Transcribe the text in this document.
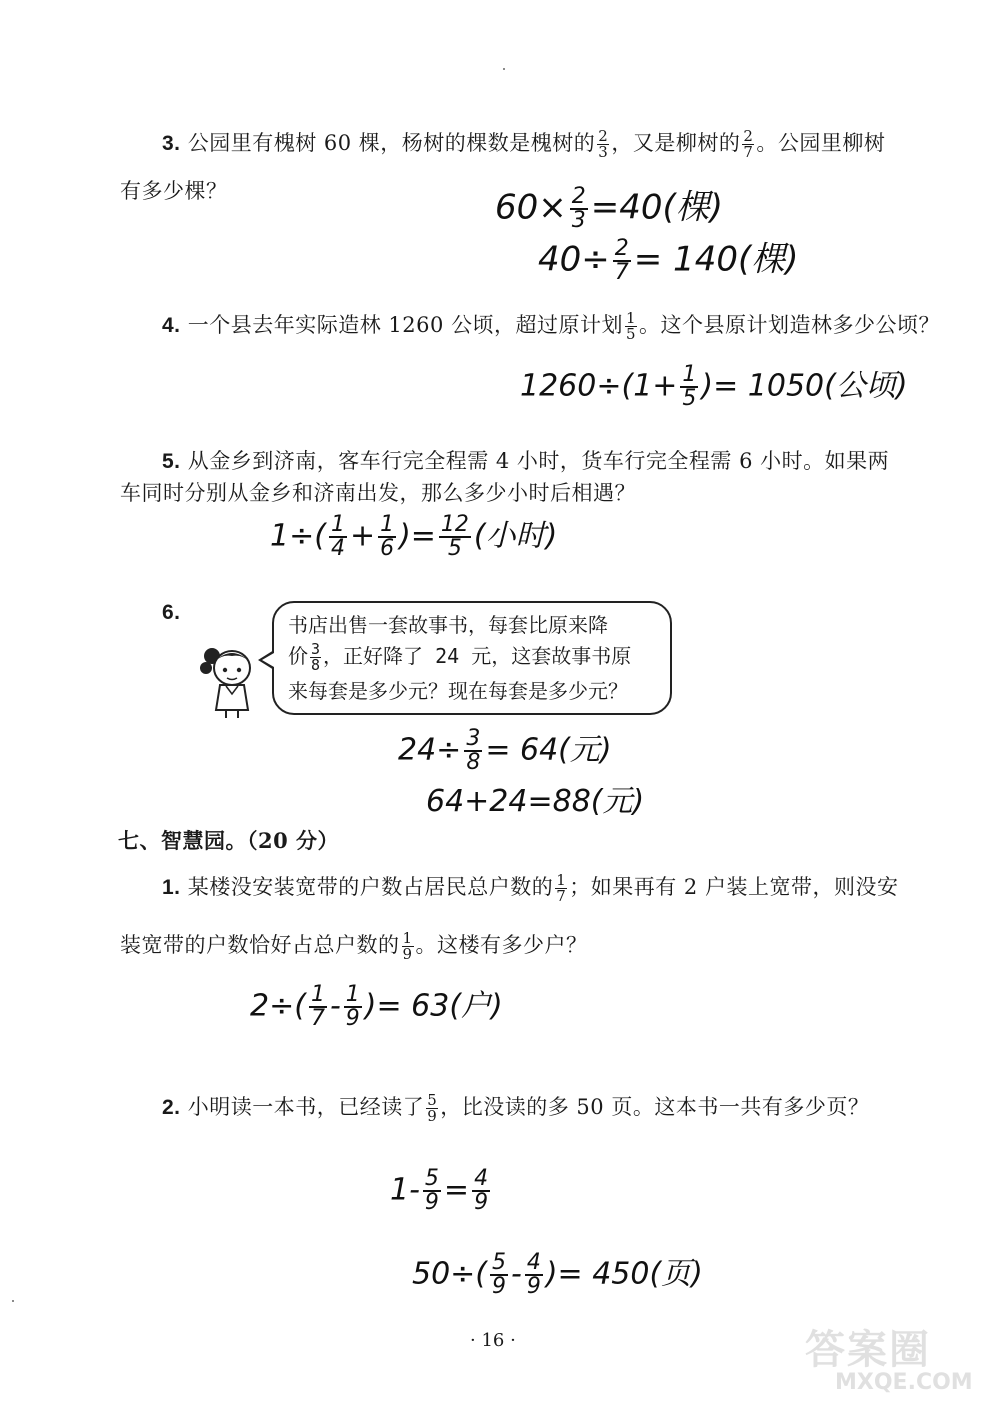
3. 公园里有槐树 60 棵，杨树的棵数是槐树的 $\frac{2}{3}$ ，又是柳树的 $\frac{2}{7}$ 。公园里柳树
有多少棵？	$60\times \frac{2}{3} =40$(棵)
$40\div \frac{2}{7} = 140$(棵)
4. 一个县去年实际造林 1260 公顷，超过原计划 $\frac{1}{5}$ 。这个县原计划造林多少公顷？
$1260\div(1+ \frac{1}{5}$ )= 1050(公顷)
5. 从金乡到济南，客车行完全程需 4 小时，货车行完全程需 6 小时。如果两
车同时分别从金乡和济南出发，那么多少小时后相遇？
$1\div( \frac{1}{4} + \frac{1}{6}$ )= $\frac{12}{5}$ (小时)
6.
书店出售一套故事书，每套比原来降
价 $\frac{3}{8}$ ，正好降了 24 元，这套故事书原
来每套是多少元？现在每套是多少元？
$24\div \frac{3}{8} = 64$(元)
64+24=88(元)
七、智慧园。（20 分）
1. 某楼没安装宽带的户数占居民总户数的 $\frac{1}{7}$ ；如果再有 2 户装上宽带，则没安
装宽带的户数恰好占总户数的 $\frac{1}{9}$ 。这楼有多少户？
$2\div( \frac{1}{7} - \frac{1}{9}$ )= 63(户)
2. 小明读一本书，已经读了 $\frac{5}{9}$ ，比没读的多 50 页。这本书一共有多少页？
$1- \frac{5}{9} = \frac{4}{9}$
$50\div( \frac{5}{9} - \frac{4}{9}$ )= 450(页)
· 16 ·	答案圈
MXQE.COM
